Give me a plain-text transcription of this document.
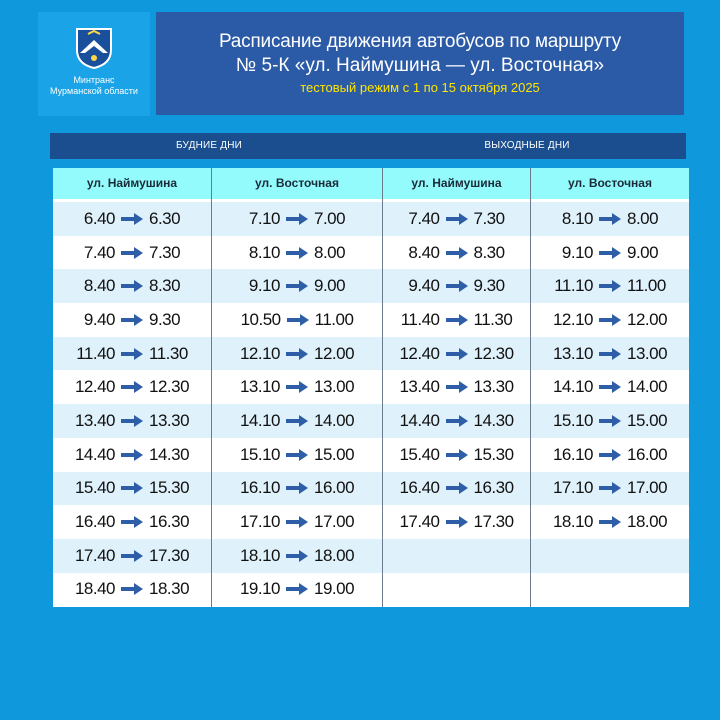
Минтранс
Мурманской области
Расписание движения автобусов по маршруту
№ 5-К «ул. Наймушина — ул. Восточная»
тестовый режим с 1 по 15 октября 2025
БУДНИЕ ДНИ	ВЫХОДНЫЕ ДНИ
ул. Наймушина
6.40 6.30
7.40 7.30
8.40 8.30
9.40 9.30
11.40 11.30
12.40 12.30
13.40 13.30
14.40 14.30
15.40 15.30
16.40 16.30
17.40 17.30
18.40 18.30
ул. Восточная
7.10 7.00
8.10 8.00
9.10 9.00
10.50 11.00
12.10 12.00
13.10 13.00
14.10 14.00
15.10 15.00
16.10 16.00
17.10 17.00
18.10 18.00
19.10 19.00
ул. Наймушина
7.40 7.30
8.40 8.30
9.40 9.30
11.40 11.30
12.40 12.30
13.40 13.30
14.40 14.30
15.40 15.30
16.40 16.30
17.40 17.30
ул. Восточная
8.10 8.00
9.10 9.00
11.10 11.00
12.10 12.00
13.10 13.00
14.10 14.00
15.10 15.00
16.10 16.00
17.10 17.00
18.10 18.00
